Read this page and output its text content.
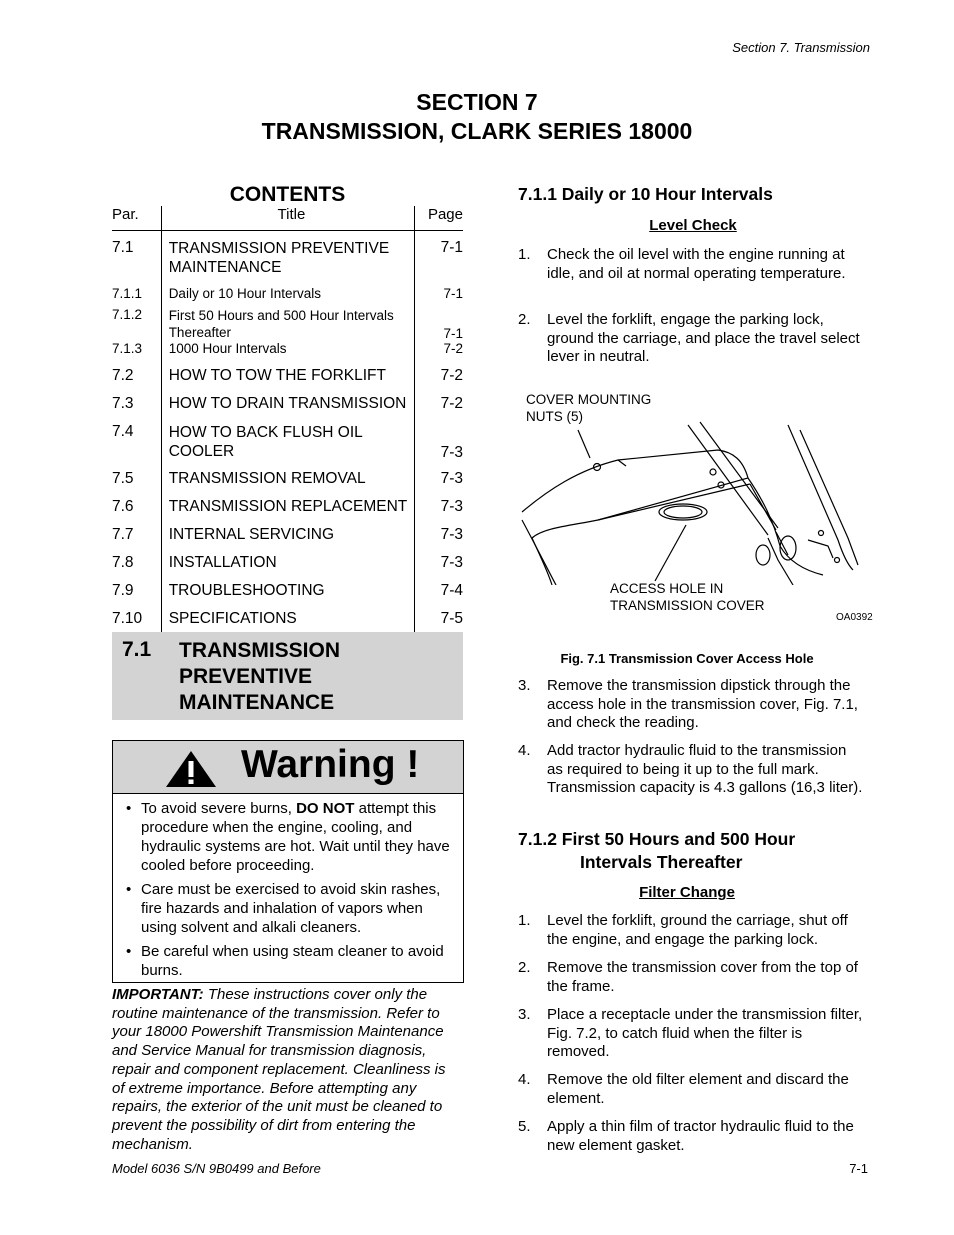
Section 7. Transmission
SECTION 7
TRANSMISSION, CLARK SERIES 18000
CONTENTS
Par.	Title	Page

7.1	TRANSMISSION PREVENTIVE MAINTENANCE	7-1
7.1.1	Daily or 10 Hour Intervals	7-1
7.1.2	First 50 Hours and 500 Hour Intervals Thereafter	7-1
7.1.3	1000 Hour Intervals	7-2
7.2	HOW TO TOW THE FORKLIFT	7-2
7.3	HOW TO DRAIN TRANSMISSION	7-2
7.4	HOW TO BACK FLUSH OIL COOLER	7-3
7.5	TRANSMISSION REMOVAL	7-3
7.6	TRANSMISSION REPLACEMENT	7-3
7.7	INTERNAL SERVICING	7-3
7.8	INSTALLATION	7-3
7.9	TROUBLESHOOTING	7-4
7.10	SPECIFICATIONS	7-5
7.1 TRANSMISSION
PREVENTIVE
MAINTENANCE
Warning !
• To avoid severe burns, DO NOT attempt this procedure when the engine, cooling, and hydraulic systems are hot. Wait until they have cooled before proceeding.
• Care must be exercised to avoid skin rashes, fire hazards and inhalation of vapors when using solvent and alkali cleaners.
• Be careful when using steam cleaner to avoid burns.
IMPORTANT: These instructions cover only the routine maintenance of the transmission. Refer to your 18000 Powershift Transmission Maintenance and Service Manual for transmission diagnosis, repair and component replacement. Cleanliness is of extreme importance. Before attempting any repairs, the exterior of the unit must be cleaned to prevent the possibility of dirt from entering the mechanism.
7.1.1 Daily or 10 Hour Intervals
Level Check
1. Check the oil level with the engine running at idle, and oil at normal operating temperature.
2. Level the forklift, engage the parking lock, ground the carriage, and place the travel select lever in neutral.
COVER MOUNTING
NUTS (5)
ACCESS HOLE IN
TRANSMISSION COVER
OA0392
Fig. 7.1 Transmission Cover Access Hole
3. Remove the transmission dipstick through the access hole in the transmission cover, Fig. 7.1, and check the reading.
4. Add tractor hydraulic fluid to the transmission as required to being it up to the full mark. Transmission capacity is 4.3 gallons (16,3 liter).
7.1.2 First 50 Hours and 500 Hour
Intervals Thereafter
Filter Change
1. Level the forklift, ground the carriage, shut off the engine, and engage the parking lock.
2. Remove the transmission cover from the top of the frame.
3. Place a receptacle under the transmission filter, Fig. 7.2, to catch fluid when the filter is removed.
4. Remove the old filter element and discard the element.
5. Apply a thin film of tractor hydraulic fluid to the new element gasket.
Model 6036 S/N 9B0499 and Before	7-1
